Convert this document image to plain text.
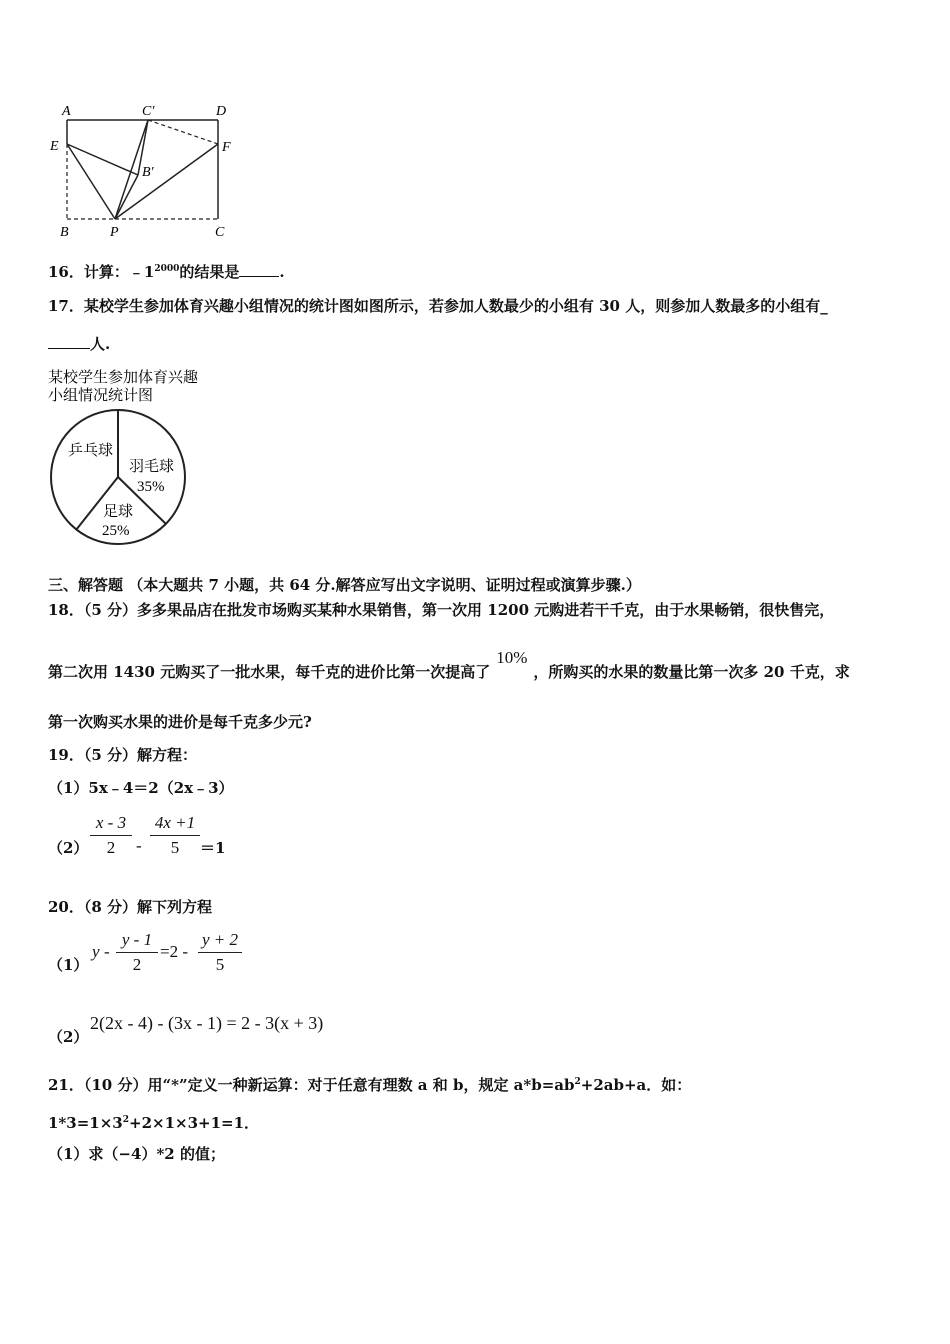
A	C′	D
E	F
B′
B	P	C
16．计算：$﹣1^{2000}$的结果是	.
17．某校学生参加体育兴趣小组情况的统计图如图所示，若参加人数最少的小组有 30 人，则参加人数最多的小组有_
人.
某校学生参加体育兴趣
小组情况统计图
乒乓球
羽毛球
35%
足球
25%
三、解答题 （本大题共 7 小题，共 64 分.解答应写出文字说明、证明过程或演算步骤.）
18．（5 分）多多果品店在批发市场购买某种水果销售，第一次用 1200 元购进若干千克，由于水果畅销，很快售完，
第二次用 1430 元购买了一批水果，每千克的进价比第一次提高了10%，所购买的水果的数量比第一次多 20 千克，求
第一次购买水果的进价是每千克多少元?
19．（5 分）解方程：
（1）5x﹣4＝2（2x﹣3）
（2）
x - 3
2	-
4x +1
5	＝1
20．（8 分）解下列方程
（1）
y -
y - 1
2
=2 -
y + 2
5
（2）
2(2x - 4) - (3x - 1) = 2 - 3(x + 3)
21．（10 分）用“*”定义一种新运算：对于任意有理数 a 和 b，规定 $a*b=ab^2+2ab+a$．如：
$1*3=1\times 3^2+2\times 1\times 3+1=1$．
（1）求（−4）*2 的值；
